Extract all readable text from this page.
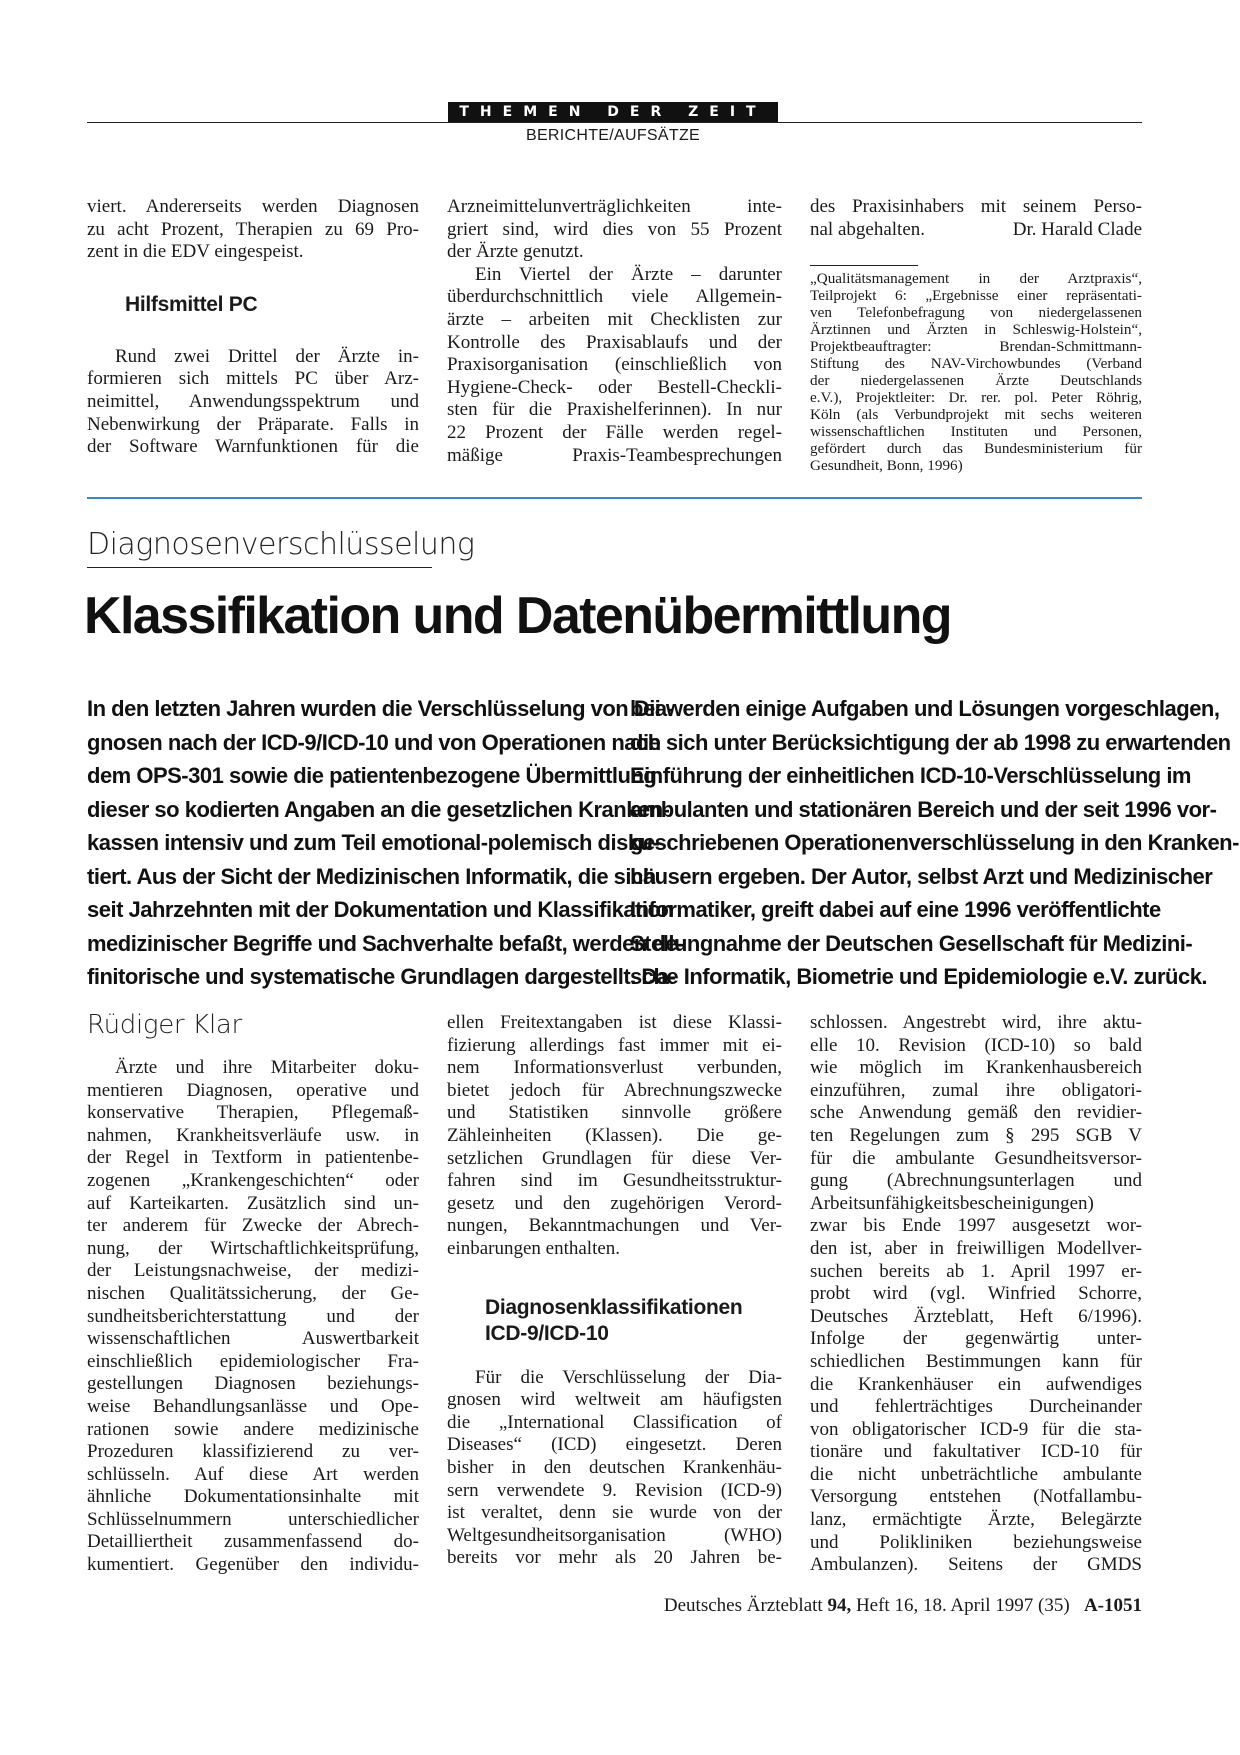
THEMEN DER ZEIT
BERICHTE/AUFSÄTZE
viert. Andererseits werden Diagnosen
zu acht Prozent, Therapien zu 69 Pro-
zent in die EDV eingespeist.
Hilfsmittel PC
Rund zwei Drittel der Ärzte in-
formieren sich mittels PC über Arz-
neimittel, Anwendungsspektrum und
Nebenwirkung der Präparate. Falls in
der Software Warnfunktionen für die
Arzneimittelunverträglichkeiten inte-
griert sind, wird dies von 55 Prozent
der Ärzte genutzt.
Ein Viertel der Ärzte – darunter
überdurchschnittlich viele Allgemein-
ärzte – arbeiten mit Checklisten zur
Kontrolle des Praxisablaufs und der
Praxisorganisation (einschließlich von
Hygiene-Check- oder Bestell-Checkli-
sten für die Praxishelferinnen). In nur
22 Prozent der Fälle werden regel-
mäßige Praxis-Teambesprechungen
des Praxisinhabers mit seinem Perso-
nal abgehalten.	Dr. Harald Clade
„Qualitätsmanagement in der Arztpraxis“,
Teilprojekt 6: „Ergebnisse einer repräsentati-
ven Telefonbefragung von niedergelassenen
Ärztinnen und Ärzten in Schleswig-Holstein“,
Projektbeauftragter: Brendan-Schmittmann-
Stiftung des NAV-Virchowbundes (Verband
der niedergelassenen Ärzte Deutschlands
e.V.), Projektleiter: Dr. rer. pol. Peter Röhrig,
Köln (als Verbundprojekt mit sechs weiteren
wissenschaftlichen Instituten und Personen,
gefördert durch das Bundesministerium für
Gesundheit, Bonn, 1996)
Diagnosenverschlüsselung
Klassifikation und Datenübermittlung
In den letzten Jahren wurden die Verschlüsselung von Dia-
gnosen nach der ICD-9/ICD-10 und von Operationen nach
dem OPS-301 sowie die patientenbezogene Übermittlung
dieser so kodierten Angaben an die gesetzlichen Kranken-
kassen intensiv und zum Teil emotional-polemisch disku-
tiert. Aus der Sicht der Medizinischen Informatik, die sich
seit Jahrzehnten mit der Dokumentation und Klassifikation
medizinischer Begriffe und Sachverhalte befaßt, werden de-
finitorische und systematische Grundlagen dargestellt. Da-
bei werden einige Aufgaben und Lösungen vorgeschlagen,
die sich unter Berücksichtigung der ab 1998 zu erwartenden
Einführung der einheitlichen ICD-10-Verschlüsselung im
ambulanten und stationären Bereich und der seit 1996 vor-
geschriebenen Operationenverschlüsselung in den Kranken-
häusern ergeben. Der Autor, selbst Arzt und Medizinischer
Informatiker, greift dabei auf eine 1996 veröffentlichte
Stellungnahme der Deutschen Gesellschaft für Medizini-
sche Informatik, Biometrie und Epidemiologie e.V. zurück.
Rüdiger Klar
Ärzte und ihre Mitarbeiter doku-
mentieren Diagnosen, operative und
konservative Therapien, Pflegemaß-
nahmen, Krankheitsverläufe usw. in
der Regel in Textform in patientenbe-
zogenen „Krankengeschichten“ oder
auf Karteikarten. Zusätzlich sind un-
ter anderem für Zwecke der Abrech-
nung, der Wirtschaftlichkeitsprüfung,
der Leistungsnachweise, der medizi-
nischen Qualitätssicherung, der Ge-
sundheitsberichterstattung und der
wissenschaftlichen Auswertbarkeit
einschließlich epidemiologischer Fra-
gestellungen Diagnosen beziehungs-
weise Behandlungsanlässe und Ope-
rationen sowie andere medizinische
Prozeduren klassifizierend zu ver-
schlüsseln. Auf diese Art werden
ähnliche Dokumentationsinhalte mit
Schlüsselnummern unterschiedlicher
Detailliertheit zusammenfassend do-
kumentiert. Gegenüber den individu-
ellen Freitextangaben ist diese Klassi-
fizierung allerdings fast immer mit ei-
nem Informationsverlust verbunden,
bietet jedoch für Abrechnungszwecke
und Statistiken sinnvolle größere
Zähleinheiten (Klassen). Die ge-
setzlichen Grundlagen für diese Ver-
fahren sind im Gesundheitsstruktur-
gesetz und den zugehörigen Verord-
nungen, Bekanntmachungen und Ver-
einbarungen enthalten.
Diagnosenklassifikationen
ICD-9/ICD-10
Für die Verschlüsselung der Dia-
gnosen wird weltweit am häufigsten
die „International Classification of
Diseases“ (ICD) eingesetzt. Deren
bisher in den deutschen Krankenhäu-
sern verwendete 9. Revision (ICD-9)
ist veraltet, denn sie wurde von der
Weltgesundheitsorganisation (WHO)
bereits vor mehr als 20 Jahren be-
schlossen. Angestrebt wird, ihre aktu-
elle 10. Revision (ICD-10) so bald
wie möglich im Krankenhausbereich
einzuführen, zumal ihre obligatori-
sche Anwendung gemäß den revidier-
ten Regelungen zum § 295 SGB V
für die ambulante Gesundheitsversor-
gung (Abrechnungsunterlagen und
Arbeitsunfähigkeitsbescheinigungen)
zwar bis Ende 1997 ausgesetzt wor-
den ist, aber in freiwilligen Modellver-
suchen bereits ab 1. April 1997 er-
probt wird (vgl. Winfried Schorre,
Deutsches Ärzteblatt, Heft 6/1996).
Infolge der gegenwärtig unter-
schiedlichen Bestimmungen kann für
die Krankenhäuser ein aufwendiges
und fehlerträchtiges Durcheinander
von obligatorischer ICD-9 für die sta-
tionäre und fakultativer ICD-10 für
die nicht unbeträchtliche ambulante
Versorgung entstehen (Notfallambu-
lanz, ermächtigte Ärzte, Belegärzte
und Polikliniken beziehungsweise
Ambulanzen). Seitens der GMDS
Deutsches Ärzteblatt 94, Heft 16, 18. April 1997 (35) A-1051
